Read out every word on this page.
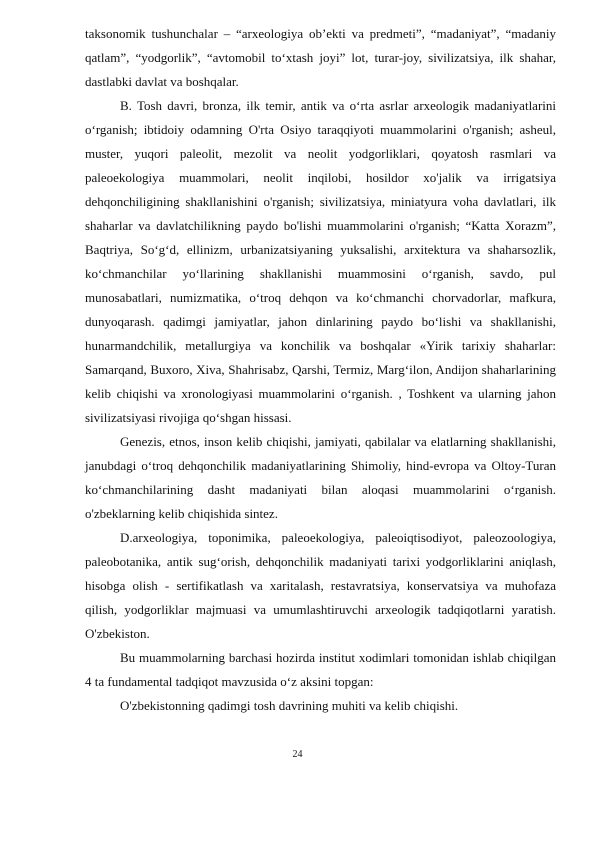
taksonomik tushunchalar – “arxeologiya ob’ekti va predmeti”, “madaniyat”, “madaniy qatlam”, “yodgorlik”, “avtomobil to‘xtash joyi” lot, turar-joy, sivilizatsiya, ilk shahar, dastlabki davlat va boshqalar.

B. Tosh davri, bronza, ilk temir, antik va o‘rta asrlar arxeologik madaniyatlarini o‘rganish; ibtidoiy odamning O'rta Osiyo taraqqiyoti muammolarini o'rganish; asheul, muster, yuqori paleolit, mezolit va neolit yodgorliklari, qoyatosh rasmlari va paleoekologiya muammolari, neolit inqilobi, hosildor xo'jalik va irrigatsiya dehqonchiligining shakllanishini o'rganish; sivilizatsiya, miniatyura voha davlatlari, ilk shaharlar va davlatchilikning paydo bo'lishi muammolarini o'rganish; “Katta Xorazm”, Baqtriya, So‘g‘d, ellinizm, urbanizatsiyaning yuksalishi, arxitektura va shaharsozlik, ko‘chmanchilar yo‘llarining shakllanishi muammosini o‘rganish, savdo, pul munosabatlari, numizmatika, o‘troq dehqon va ko‘chmanchi chorvadorlar, mafkura, dunyoqarash. qadimgi jamiyatlar, jahon dinlarining paydo bo‘lishi va shakllanishi, hunarmandchilik, metallurgiya va konchilik va boshqalar «Yirik tarixiy shaharlar: Samarqand, Buxoro, Xiva, Shahrisabz, Qarshi, Termiz, Marg‘ilon, Andijon shaharlarining kelib chiqishi va xronologiyasi muammolarini o‘rganish. , Toshkent va ularning jahon sivilizatsiyasi rivojiga qo‘shgan hissasi.

Genezis, etnos, inson kelib chiqishi, jamiyati, qabilalar va elatlarning shakllanishi, janubdagi o‘troq dehqonchilik madaniyatlarining Shimoliy, hind-evropa va Oltoy-Turan ko‘chmanchilarining dasht madaniyati bilan aloqasi muammolarini o‘rganish. o'zbeklarning kelib chiqishida sintez.

D.arxeologiya, toponimika, paleoekologiya, paleoiqtisodiyot, paleozoologiya, paleobotanika, antik sug‘orish, dehqonchilik madaniyati tarixi yodgorliklarini aniqlash, hisobga olish - sertifikatlash va xaritalash, restavratsiya, konservatsiya va muhofaza qilish, yodgorliklar majmuasi va umumlashtiruvchi arxeologik tadqiqotlarni yaratish. O'zbekiston.

Bu muammolarning barchasi hozirda institut xodimlari tomonidan ishlab chiqilgan 4 ta fundamental tadqiqot mavzusida o‘z aksini topgan:

O'zbekistonning qadimgi tosh davrining muhiti va kelib chiqishi.

24
